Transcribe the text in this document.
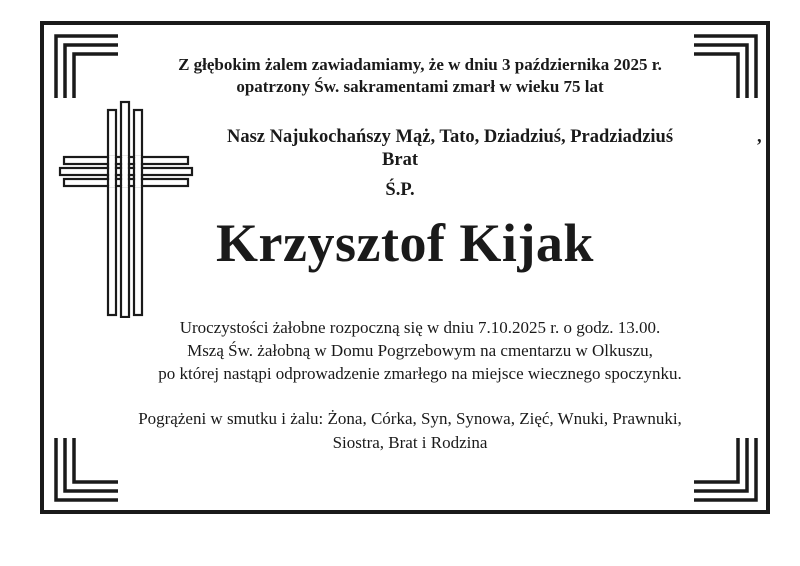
Z głębokim żalem zawiadamiamy, że w dniu 3 października 2025 r.
opatrzony Św. sakramentami zmarł w wieku 75 lat
Nasz Najukochańszy Mąż, Tato, Dziadziuś, Pradziadziuś	,
Brat
Ś.P.
Krzysztof Kijak
Uroczystości żałobne rozpoczną się w dniu 7.10.2025 r. o godz. 13.00.
Mszą Św. żałobną w Domu Pogrzebowym na cmentarzu w Olkuszu,
po której nastąpi odprowadzenie zmarłego na miejsce wiecznego spoczynku.
Pogrążeni w smutku i żalu: Żona, Córka, Syn, Synowa, Zięć, Wnuki, Prawnuki,
Siostra, Brat i Rodzina
